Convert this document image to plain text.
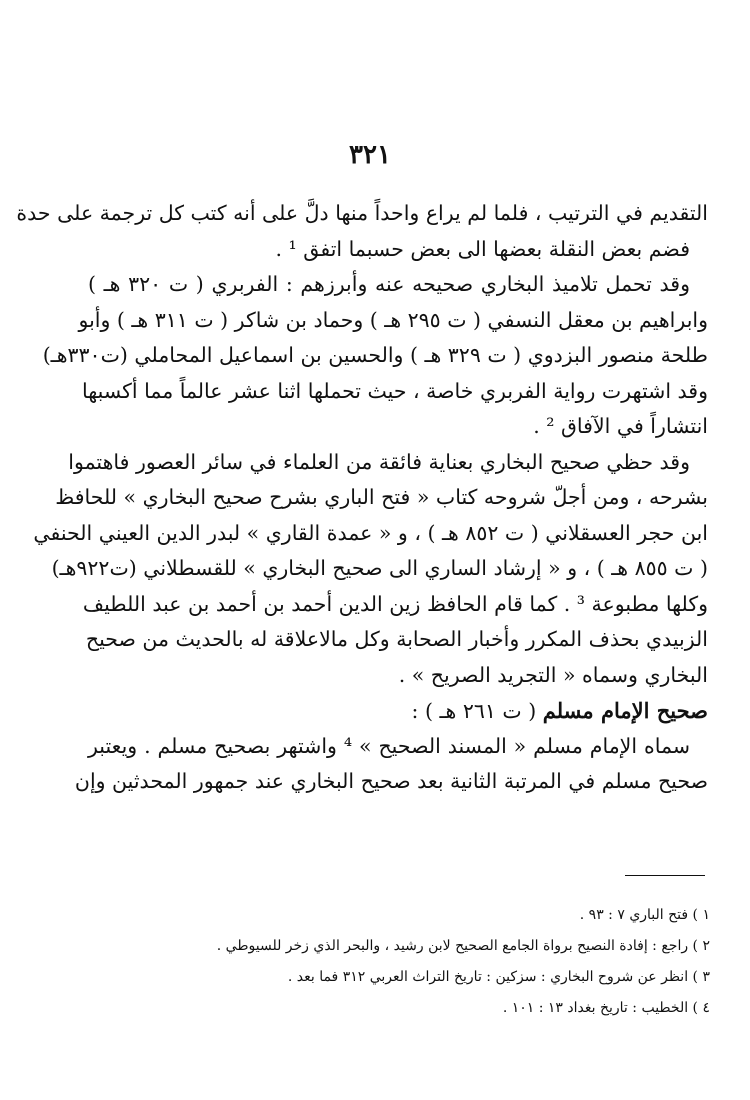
٣٢١
التقديم في الترتيب ، فلما لم يراع واحداً منها دلَّ على أنه كتب كل ترجمة على حدة
فضم بعض النقلة بعضها الى بعض حسبما اتفق ¹ .
وقد تحمل تلاميذ البخاري صحيحه عنه وأبرزهم : الفربري ( ت ٣٢٠ هـ )
وابراهيم بن معقل النسفي ( ت ٢٩٥ هـ ) وحماد بن شاكر ( ت ٣١١ هـ ) وأبو
طلحة منصور البزدوي ( ت ٣٢٩ هـ ) والحسين بن اسماعيل المحاملي (ت٣٣٠هـ)
وقد اشتهرت رواية الفربري خاصة ، حيث تحملها اثنا عشر عالماً مما أكسبها
انتشاراً في الآفاق ² .
وقد حظي صحيح البخاري بعناية فائقة من العلماء في سائر العصور فاهتموا
بشرحه ، ومن أجلّ شروحه كتاب « فتح الباري بشرح صحيح البخاري » للحافظ
ابن حجر العسقلاني ( ت ٨٥٢ هـ ) ، و « عمدة القاري » لبدر الدين العيني الحنفي
( ت ٨٥٥ هـ ) ، و « إرشاد الساري الى صحيح البخاري » للقسطلاني (ت٩٢٢هـ)
وكلها مطبوعة ³ . كما قام الحافظ زين الدين أحمد بن أحمد بن عبد اللطيف
الزبيدي بحذف المكرر وأخبار الصحابة وكل مالاعلاقة له بالحديث من صحيح
البخاري وسماه « التجريد الصريح » .
صحيح الإمام مسلم ( ت ٢٦١ هـ ) :
سماه الإمام مسلم « المسند الصحيح » ⁴ واشتهر بصحيح مسلم . ويعتبر
صحيح مسلم في المرتبة الثانية بعد صحيح البخاري عند جمهور المحدثين وإن
١ ) فتح الباري ٧ : ٩٣ .
٢ ) راجع : إفادة النصيح برواة الجامع الصحيح لابن رشيد ، والبحر الذي زخر للسيوطي .
٣ ) انظر عن شروح البخاري : سزكين : تاريخ التراث العربي ٣١٢ فما بعد .
٤ ) الخطيب : تاريخ بغداد ١٣ : ١٠١ .
